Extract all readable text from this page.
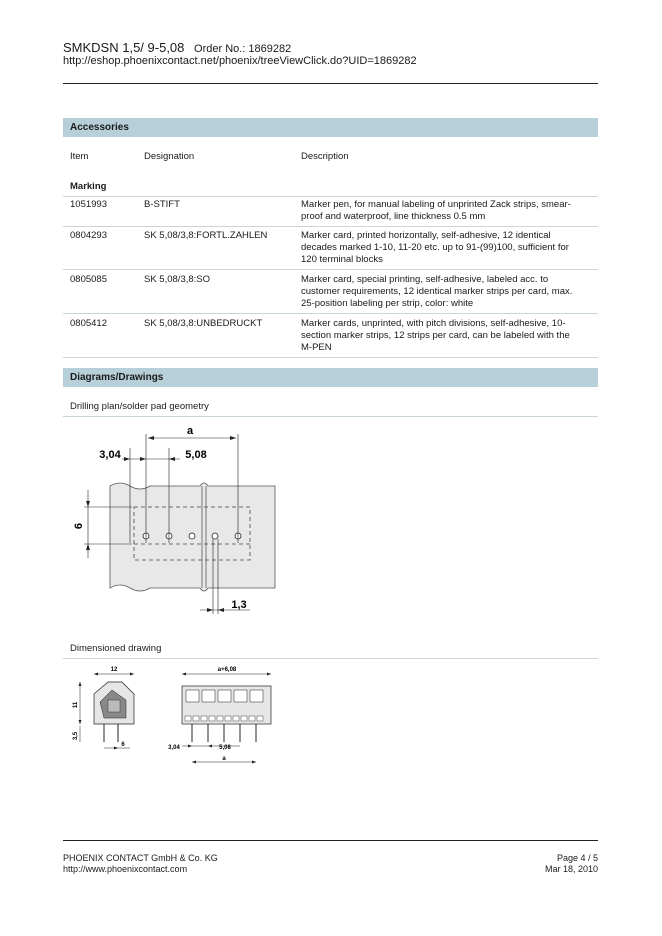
SMKDSN 1,5/ 9-5,08 Order No.: 1869282
http://eshop.phoenixcontact.net/phoenix/treeViewClick.do?UID=1869282
Accessories
Item	Designation	Description
Marking
1051993	B-STIFT	Marker pen, for manual labeling of unprinted Zack strips, smear-
proof and waterproof, line thickness 0.5 mm
0804293	SK 5,08/3,8:FORTL.ZAHLEN	Marker card, printed horizontally, self-adhesive, 12 identical
decades marked 1-10, 11-20 etc. up to 91-(99)100, sufficient for
120 terminal blocks
0805085	SK 5,08/3,8:SO	Marker card, special printing, self-adhesive, labeled acc. to
customer requirements, 12 identical marker strips per card, max.
25-position labeling per strip, color: white
0805412	SK 5,08/3,8:UNBEDRUCKT	Marker cards, unprinted, with pitch divisions, self-adhesive, 10-
section marker strips, 12 strips per card, can be labeled with the
M-PEN
Diagrams/Drawings
Drilling plan/solder pad geometry
a
3,04	5,08
6
1,3
Dimensioned drawing
12
11
3,5
6
a+6,08
3,04	5,08
a
PHOENIX CONTACT GmbH & Co. KG
http://www.phoenixcontact.com
Page 4 / 5
Mar 18, 2010
